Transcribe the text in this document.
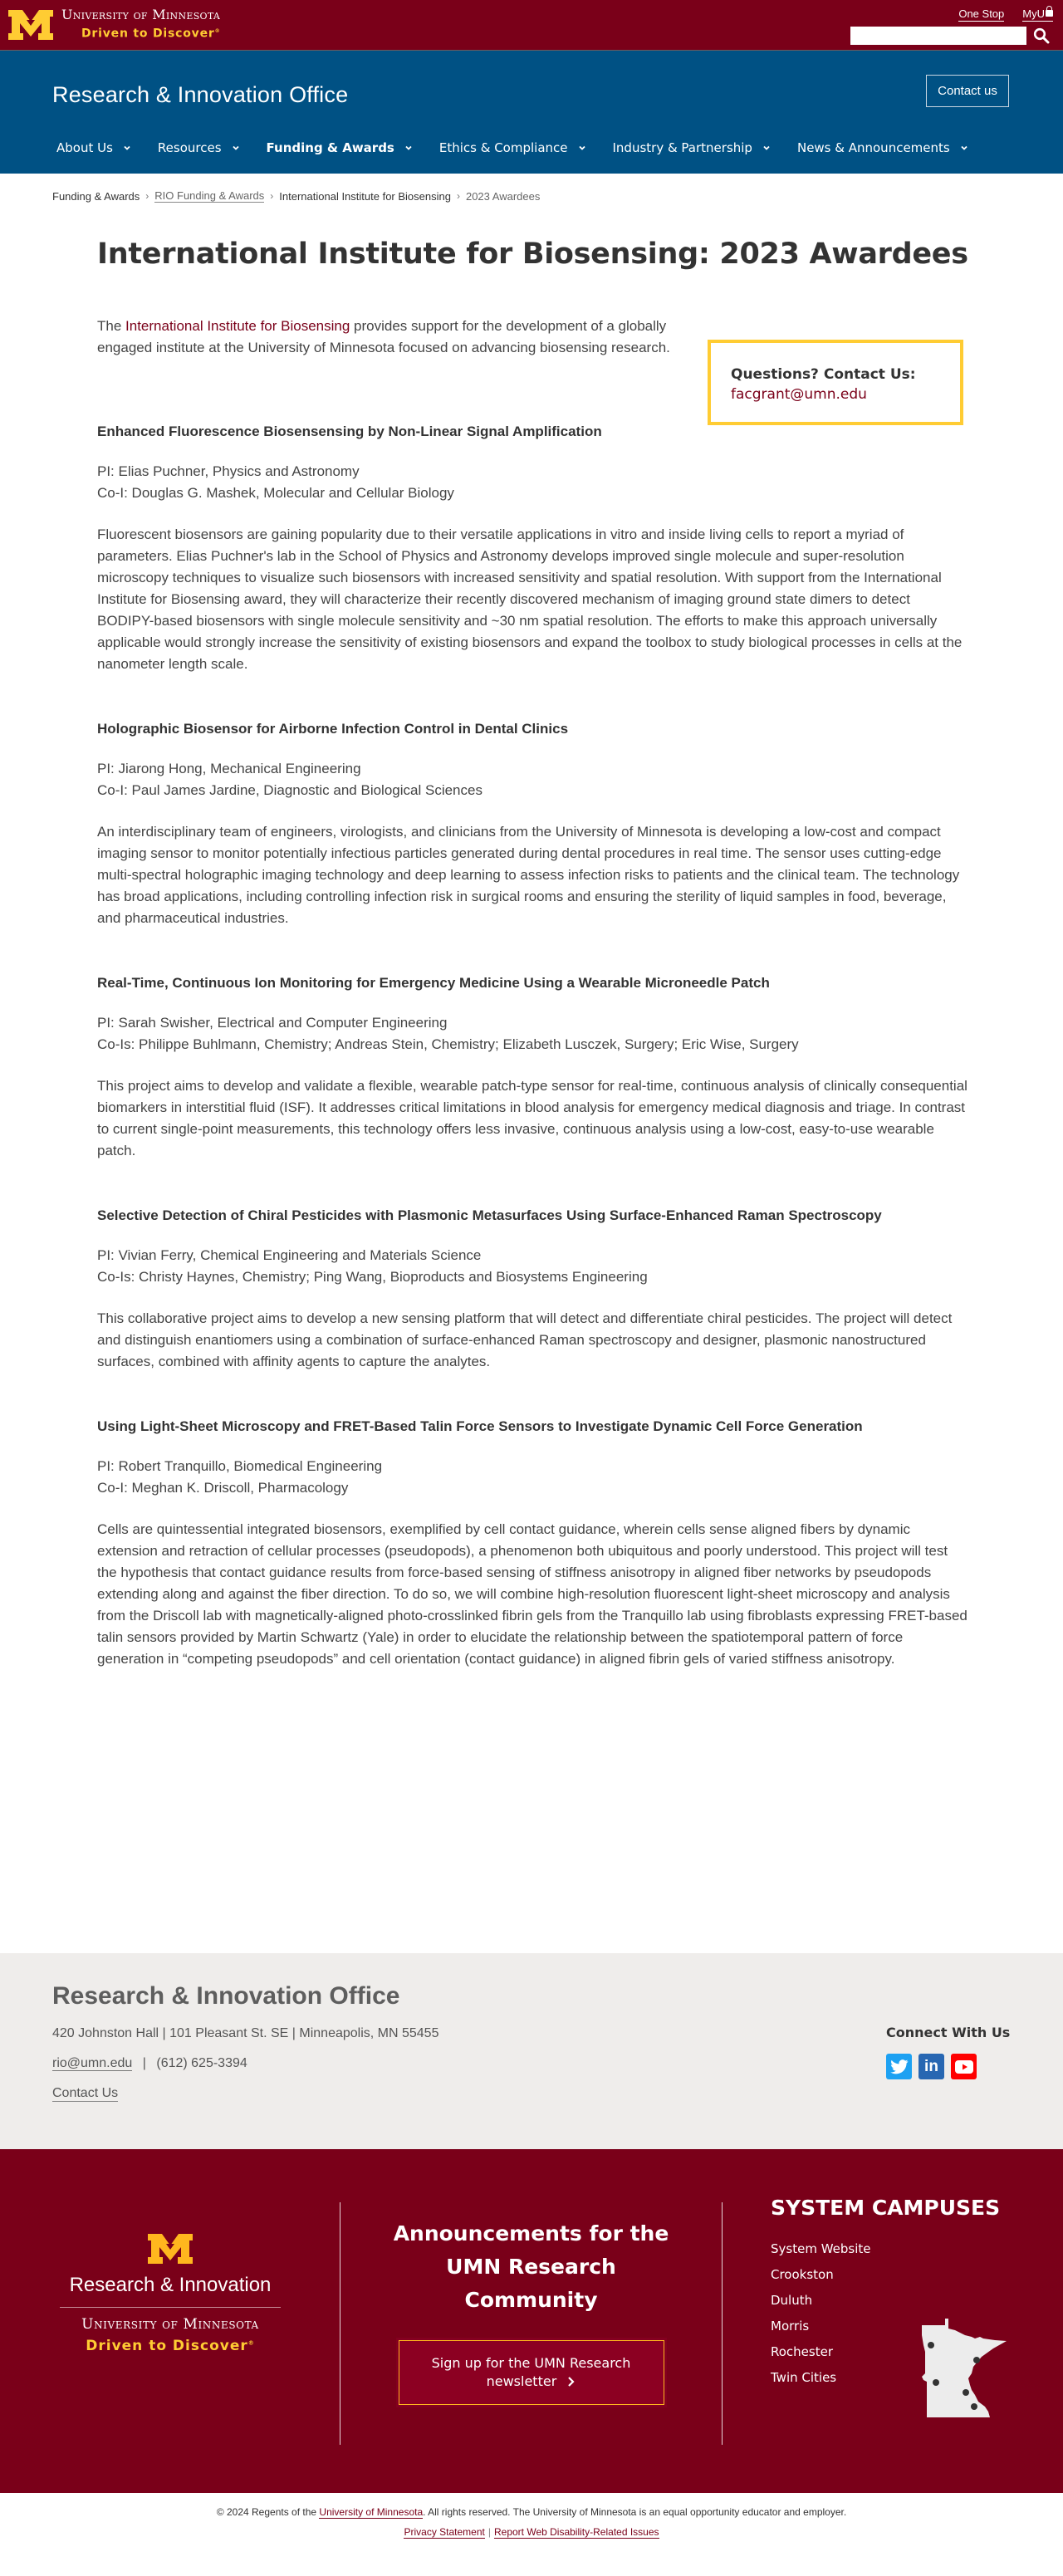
University of Minnesota
Driven to Discover®
One Stop MyU
Research & Innovation Office	Contact us
About Us	Resources	Funding & Awards	Ethics & Compliance	Industry & Partnership	News & Announcements
Funding & Awards › RIO Funding & Awards › International Institute for Biosensing › 2023 Awardees
International Institute for Biosensing: 2023 Awardees

The International Institute for Biosensing provides support for the development of a globally engaged institute at the University of Minnesota focused on advancing biosensing research.

Questions? Contact Us:
facgrant@umn.edu
Enhanced Fluorescence Biosensensing by Non-Linear Signal Amplification
PI: Elias Puchner, Physics and Astronomy
Co-I: Douglas G. Mashek, Molecular and Cellular Biology

Fluorescent biosensors are gaining popularity due to their versatile applications in vitro and inside living cells to report a myriad of parameters. Elias Puchner's lab in the School of Physics and Astronomy develops improved single molecule and super-resolution microscopy techniques to visualize such biosensors with increased sensitivity and spatial resolution. With support from the International Institute for Biosensing award, they will characterize their recently discovered mechanism of imaging ground state dimers to detect BODIPY-based biosensors with single molecule sensitivity and ~30 nm spatial resolution. The efforts to make this approach universally applicable would strongly increase the sensitivity of existing biosensors and expand the toolbox to study biological processes in cells at the nanometer length scale.

Holographic Biosensor for Airborne Infection Control in Dental Clinics
PI: Jiarong Hong, Mechanical Engineering
Co-I: Paul James Jardine, Diagnostic and Biological Sciences

An interdisciplinary team of engineers, virologists, and clinicians from the University of Minnesota is developing a low-cost and compact imaging sensor to monitor potentially infectious particles generated during dental procedures in real time. The sensor uses cutting-edge multi-spectral holographic imaging technology and deep learning to assess infection risks to patients and the clinical team. The technology has broad applications, including controlling infection risk in surgical rooms and ensuring the sterility of liquid samples in food, beverage, and pharmaceutical industries.

Real-Time, Continuous Ion Monitoring for Emergency Medicine Using a Wearable Microneedle Patch
PI: Sarah Swisher, Electrical and Computer Engineering
Co-Is: Philippe Buhlmann, Chemistry; Andreas Stein, Chemistry; Elizabeth Lusczek, Surgery; Eric Wise, Surgery

This project aims to develop and validate a flexible, wearable patch-type sensor for real-time, continuous analysis of clinically consequential biomarkers in interstitial fluid (ISF). It addresses critical limitations in blood analysis for emergency medical diagnosis and triage. In contrast to current single-point measurements, this technology offers less invasive, continuous analysis using a low-cost, easy-to-use wearable patch.

Selective Detection of Chiral Pesticides with Plasmonic Metasurfaces Using Surface-Enhanced Raman Spectroscopy
PI: Vivian Ferry, Chemical Engineering and Materials Science
Co-Is: Christy Haynes, Chemistry; Ping Wang, Bioproducts and Biosystems Engineering

This collaborative project aims to develop a new sensing platform that will detect and differentiate chiral pesticides. The project will detect and distinguish enantiomers using a combination of surface-enhanced Raman spectroscopy and designer, plasmonic nanostructured surfaces, combined with affinity agents to capture the analytes.

Using Light-Sheet Microscopy and FRET-Based Talin Force Sensors to Investigate Dynamic Cell Force Generation
PI: Robert Tranquillo, Biomedical Engineering
Co-I: Meghan K. Driscoll, Pharmacology

Cells are quintessential integrated biosensors, exemplified by cell contact guidance, wherein cells sense aligned fibers by dynamic extension and retraction of cellular processes (pseudopods), a phenomenon both ubiquitous and poorly understood. This project will test the hypothesis that contact guidance results from force-based sensing of stiffness anisotropy in aligned fiber networks by pseudopods extending along and against the fiber direction. To do so, we will combine high-resolution fluorescent light-sheet microscopy and analysis from the Driscoll lab with magnetically-aligned photo-crosslinked fibrin gels from the Tranquillo lab using fibroblasts expressing FRET-based talin sensors provided by Martin Schwartz (Yale) in order to elucidate the relationship between the spatiotemporal pattern of force generation in “competing pseudopods” and cell orientation (contact guidance) in aligned fibrin gels of varied stiffness anisotropy.

Research & Innovation Office
420 Johnston Hall | 101 Pleasant St. SE | Minneapolis, MN 55455
rio@umn.edu | (612) 625-3394
Contact Us
Connect With Us
in
Research & Innovation
University of Minnesota
Driven to Discover®
Announcements for the
UMN Research
Community
Sign up for the UMN Research
newsletter
SYSTEM CAMPUSES
System Website
Crookston
Duluth
Morris
Rochester
Twin Cities
© 2024 Regents of the University of Minnesota. All rights reserved. The University of Minnesota is an equal opportunity educator and employer.
Privacy Statement | Report Web Disability-Related Issues
